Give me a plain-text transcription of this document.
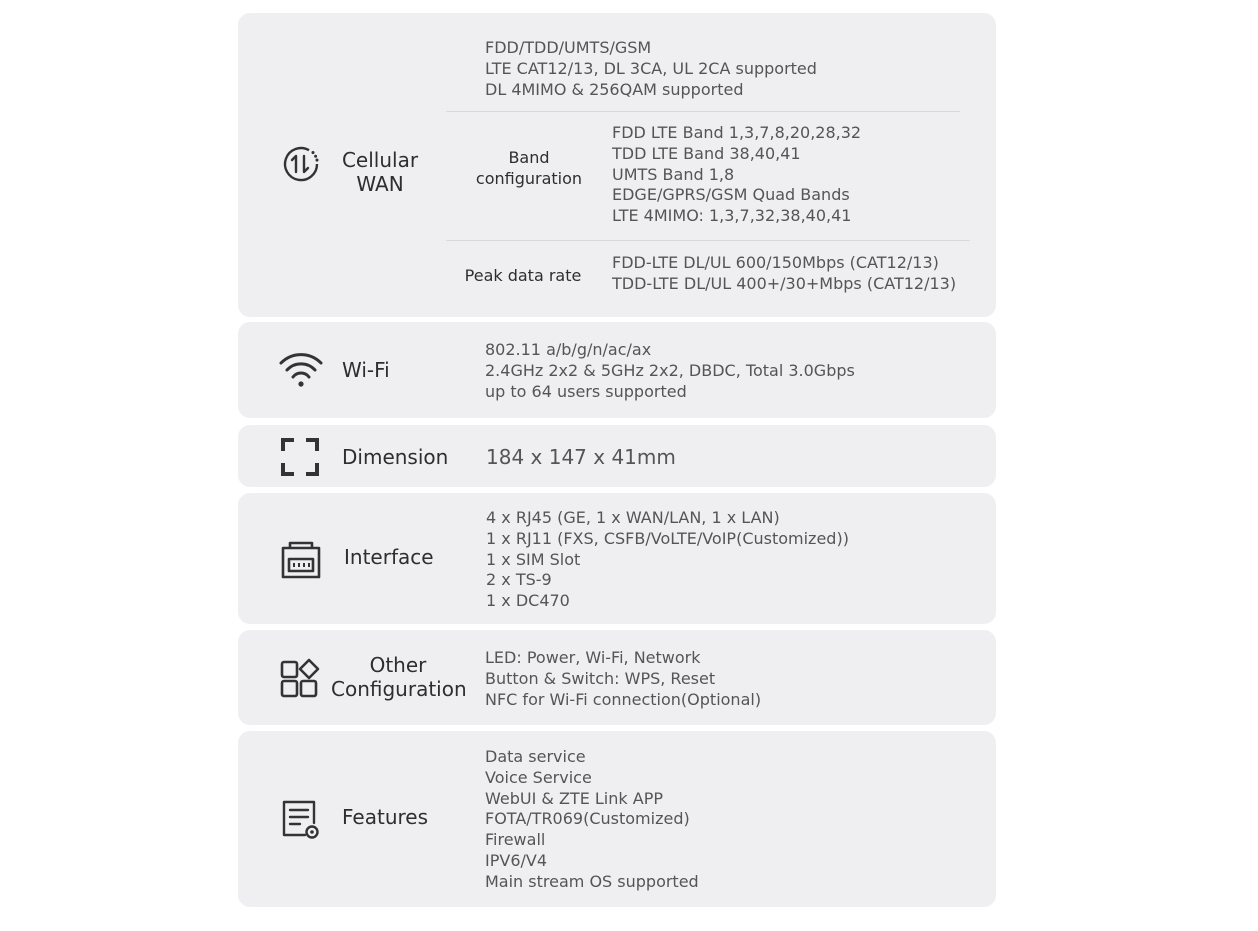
Cellular
WAN
FDD/TDD/UMTS/GSM
LTE CAT12/13, DL 3CA, UL 2CA supported
DL 4MIMO & 256QAM supported
Band
configuration
FDD LTE Band 1,3,7,8,20,28,32
TDD LTE Band 38,40,41
UMTS Band 1,8
EDGE/GPRS/GSM Quad Bands
LTE 4MIMO: 1,3,7,32,38,40,41
Peak data rate
FDD-LTE DL/UL 600/150Mbps (CAT12/13)
TDD-LTE DL/UL 400+/30+Mbps (CAT12/13)
Wi-Fi
802.11 a/b/g/n/ac/ax
2.4GHz 2x2 & 5GHz 2x2, DBDC, Total 3.0Gbps
up to 64 users supported
Dimension 184 x 147 x 41mm
Interface
4 x RJ45 (GE, 1 x WAN/LAN, 1 x LAN)
1 x RJ11 (FXS, CSFB/VoLTE/VoIP(Customized))
1 x SIM Slot
2 x TS-9
1 x DC470
Other
Configuration
LED: Power, Wi-Fi, Network
Button & Switch: WPS, Reset
NFC for Wi-Fi connection(Optional)
Features
Data service
Voice Service
WebUI & ZTE Link APP
FOTA/TR069(Customized)
Firewall
IPV6/V4
Main stream OS supported
